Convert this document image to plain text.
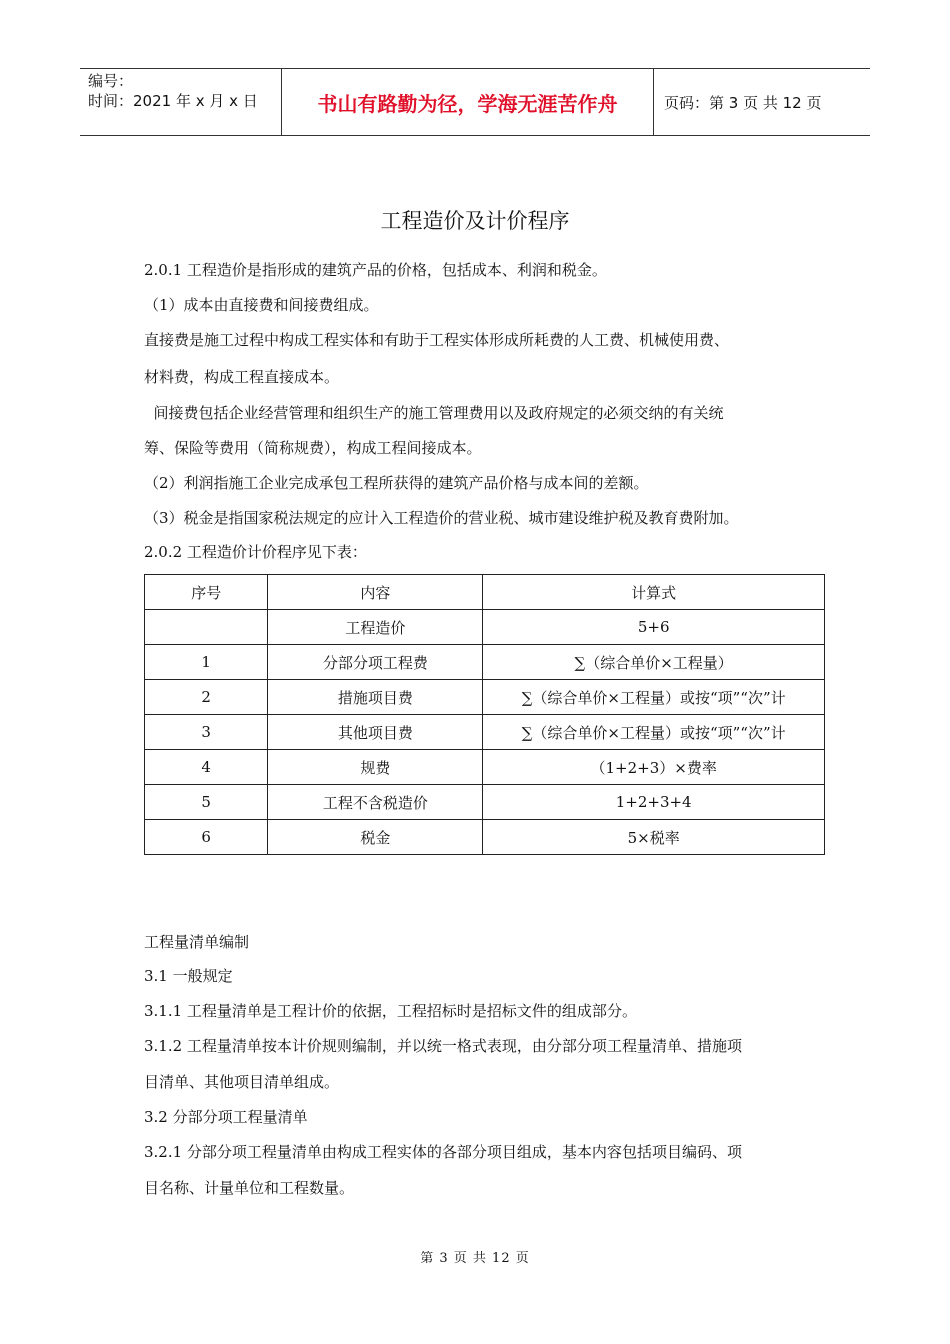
编号：
时间：2021 年 x 月 x 日	书山有路勤为径，学海无涯苦作舟	页码：第 3 页 共 12 页
工程造价及计价程序
2.0.1 工程造价是指形成的建筑产品的价格，包括成本、利润和税金。
（1）成本由直接费和间接费组成。
直接费是施工过程中构成工程实体和有助于工程实体形成所耗费的人工费、机械使用费、
材料费，构成工程直接成本。
间接费包括企业经营管理和组织生产的施工管理费用以及政府规定的必须交纳的有关统
筹、保险等费用（简称规费），构成工程间接成本。
（2）利润指施工企业完成承包工程所获得的建筑产品价格与成本间的差额。
（3）税金是指国家税法规定的应计入工程造价的营业税、城市建设维护税及教育费附加。
2.0.2 工程造价计价程序见下表：
序号	内容	计算式
	工程造价	5+6
1	分部分项工程费	∑（综合单价×工程量）
2	措施项目费	∑（综合单价×工程量）或按“项”“次”计
3	其他项目费	∑（综合单价×工程量）或按“项”“次”计
4	规费	（1+2+3）×费率
5	工程不含税造价	1+2+3+4
6	税金	5×税率
工程量清单编制
3.1 一般规定
3.1.1 工程量清单是工程计价的依据，工程招标时是招标文件的组成部分。
3.1.2 工程量清单按本计价规则编制，并以统一格式表现，由分部分项工程量清单、措施项
目清单、其他项目清单组成。
3.2 分部分项工程量清单
3.2.1 分部分项工程量清单由构成工程实体的各部分项目组成，基本内容包括项目编码、项
目名称、计量单位和工程数量。
第 3 页 共 12 页
